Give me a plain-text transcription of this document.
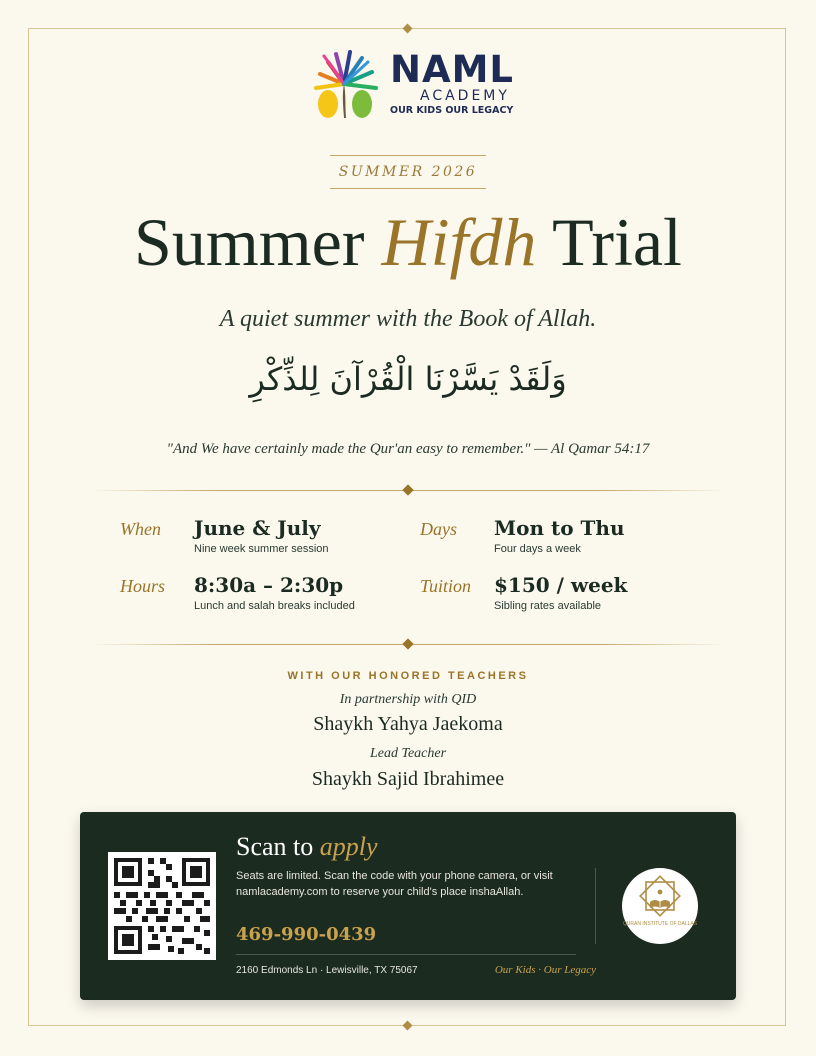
NAML
ACADEMY
OUR KIDS OUR LEGACY
SUMMER 2026
Summer Hifdh Trial
A quiet summer with the Book of Allah.
وَلَقَدْ يَسَّرْنَا الْقُرْآنَ لِلذِّكْرِ
"And We have certainly made the Qur'an easy to remember." — Al Qamar 54:17
When June & July
Nine week summer session
Days Mon to Thu
Four days a week
Hours 8:30a – 2:30p
Lunch and salah breaks included
Tuition $150 / week
Sibling rates available
WITH OUR HONORED TEACHERS
In partnership with QID
Shaykh Yahya Jaekoma
Lead Teacher
Shaykh Sajid Ibrahimee
Scan to apply
Seats are limited. Scan the code with your phone camera, or visit namlacademy.com to reserve your child's place inshaAllah.
469-990-0439
2160 Edmonds Ln · Lewisville, TX 75067	Our Kids · Our Legacy
QURAN INSTITUTE OF DALLAS
